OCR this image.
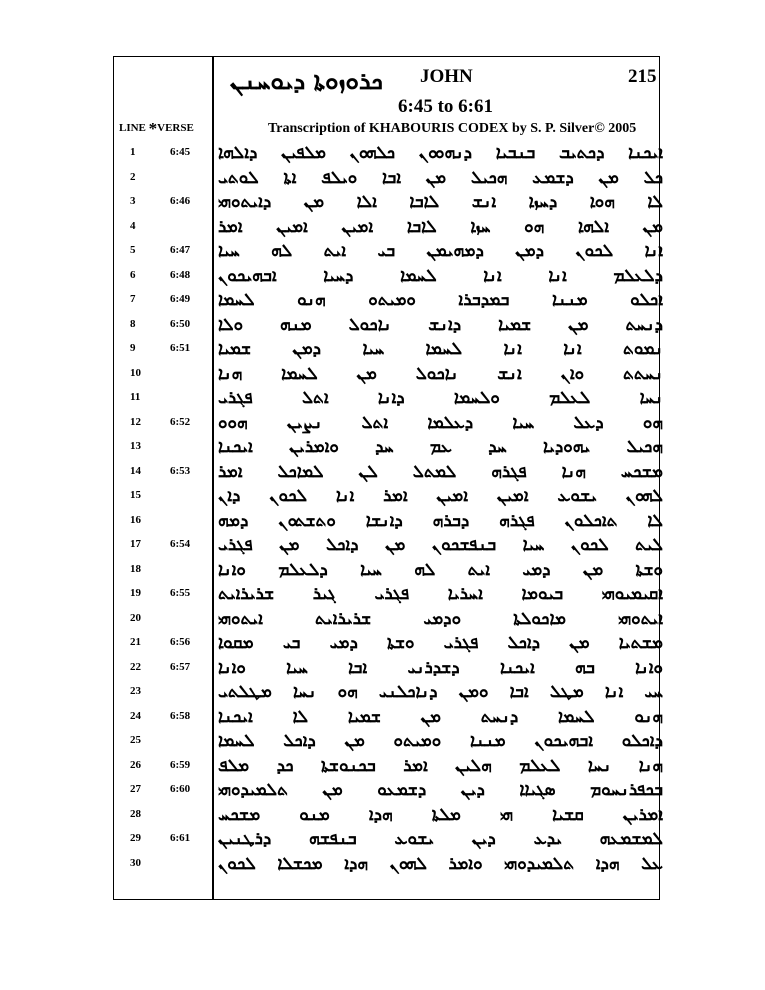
ܟܪܘܙܘܬܐ ܕܝܘܚܢܢ JOHN	215
6:45 to 6:61
Transcription of KHABOURIS CODEX by S. P. Silver© 2005
LINE *VERSE
1	6:45 ܐܝܟܢܐ ܕܟܬܝܒ ܒܢܒܝܐ ܕܢܗܘܘܢ ܟܠܗܘܢ ܡܠܦܝܢ ܕܐܠܗܐ
2	ܟܠ ܡܢ ܕܫܡܥ ܗܟܝܠ ܡܢ ܐܒܐ ܘܝܠܦ ܐܬܐ ܠܘܬܝ
3	6:46 ܠܐ ܗܘܐ ܕܚܙܐ ܐܢܫ ܠܐܒܐ ܐܠܐ ܡܢ ܕܐܝܬܘܗܝ
4	ܡܢ ܐܠܗܐ ܗܘ ܚܙܐ ܠܐܒܐ ܐܡܝܢ ܐܡܝܢ ܐܡܪ
5	6:47 ܐܢܐ ܠܟܘܢ ܕܡܢ ܕܡܗܝܡܢ ܒܝ ܐܝܬ ܠܗ ܚܝܐ
6	6:48 ܕܠܥܠܡ ܐܢܐ ܐܢܐ ܠܚܡܐ ܕܚܝܐ ܐܒܗܝܟܘܢ
7	6:49 ܐܟܠܘ ܡܢܢܐ ܒܡܕܒܪܐ ܘܡܝܬܘ ܗܢܘ ܠܚܡܐ
8	6:50 ܕܢܚܬ ܡܢ ܫܡܝܐ ܕܐܢܫ ܢܐܟܘܠ ܡܢܗ ܘܠܐ
9	6:51 ܢܡܘܬ ܐܢܐ ܐܢܐ ܠܚܡܐ ܚܝܐ ܕܡܢ ܫܡܝܐ
10	ܢܚܬܬ ܘܐܢ ܐܢܫ ܢܐܟܘܠ ܡܢ ܠܚܡܐ ܗܢܐ
11	ܢܚܐ ܠܥܠܡ ܘܠܚܡܐ ܕܐܢܐ ܐܬܠ ܦܓܪܝ
12	6:52 ܗܘ ܕܥܠ ܚܝܐ ܕܥܠܡܐ ܐܬܠ ܢܨܝܢ ܗܘܘ
13	ܗܟܝܠ ܝܗܘܕܝܐ ܚܕ ܥܡ ܚܕ ܘܐܡܪܝܢ ܐܝܟܢܐ
14	6:53 ܡܫܟܚ ܗܢܐ ܦܓܪܗ ܠܡܬܠ ܠܢ ܠܡܐܟܠ ܐܡܪ
15	ܠܗܘܢ ܝܫܘܥ ܐܡܝܢ ܐܡܝܢ ܐܡܪ ܐܢܐ ܠܟܘܢ ܕܐܢ
16	ܠܐ ܬܐܟܠܘܢ ܦܓܪܗ ܕܒܪܗ ܕܐܢܫܐ ܘܬܫܬܘܢ ܕܡܗ
17	6:54 ܠܝܬ ܠܟܘܢ ܚܝܐ ܒܢܦܫܟܘܢ ܡܢ ܕܐܟܠ ܡܢ ܦܓܪܝ
18	ܘܫܬܐ ܡܢ ܕܡܝ ܐܝܬ ܠܗ ܚܝܐ ܕܠܥܠܡ ܘܐܢܐ
19	6:55 ܐܩܝܡܝܘܗܝ ܒܝܘܡܐ ܐܚܪܝܐ ܦܓܪܝ ܓܝܪ ܫܪܝܪܐܝܬ
20	ܐܝܬܘܗܝ ܡܐܟܘܠܬܐ ܘܕܡܝ ܫܪܝܪܐܝܬ ܐܝܬܘܗܝ
21	6:56 ܡܫܬܝܐ ܡܢ ܕܐܟܠ ܦܓܪܝ ܘܫܬܐ ܕܡܝ ܒܝ ܡܩܘܐ
22	6:57 ܘܐܢܐ ܒܗ ܐܝܟܢܐ ܕܫܕܪܢܝ ܐܒܐ ܚܝܐ ܘܐܢܐ
23	ܚܝ ܐܢܐ ܡܛܠ ܐܒܐ ܘܡܢ ܕܢܐܟܠܢܝ ܗܘ ܢܚܐ ܡܛܠܬܝ
24	6:58 ܗܢܘ ܠܚܡܐ ܕܢܚܬ ܡܢ ܫܡܝܐ ܠܐ ܐܝܟܢܐ
25	ܕܐܟܠܘ ܐܒܗܝܟܘܢ ܡܢܢܐ ܘܡܝܬܘ ܡܢ ܕܐܟܠ ܠܚܡܐ
26	6:59 ܗܢܐ ܢܚܐ ܠܥܠܡ ܗܠܝܢ ܐܡܪ ܒܟܢܘܫܬܐ ܟܕ ܡܠܦ
27	6:60 ܒܟܦܪܢܚܘܡ ܣܓܝܐܐ ܕܝܢ ܕܫܡܥܘ ܡܢ ܬܠܡܝܕܘܗܝ
28	ܐܡܪܝܢ ܩܫܝܐ ܗܝ ܡܠܬܐ ܗܕܐ ܡܢܘ ܡܫܟܚ
29	6:61 ܠܡܫܡܥܗ ܝܕܥ ܕܝܢ ܝܫܘܥ ܒܢܦܫܗ ܕܪܛܢܝܢ
30	ܥܠ ܗܕܐ ܬܠܡܝܕܘܗܝ ܘܐܡܪ ܠܗܘܢ ܗܕܐ ܡܟܫܠܐ ܠܟܘܢ
